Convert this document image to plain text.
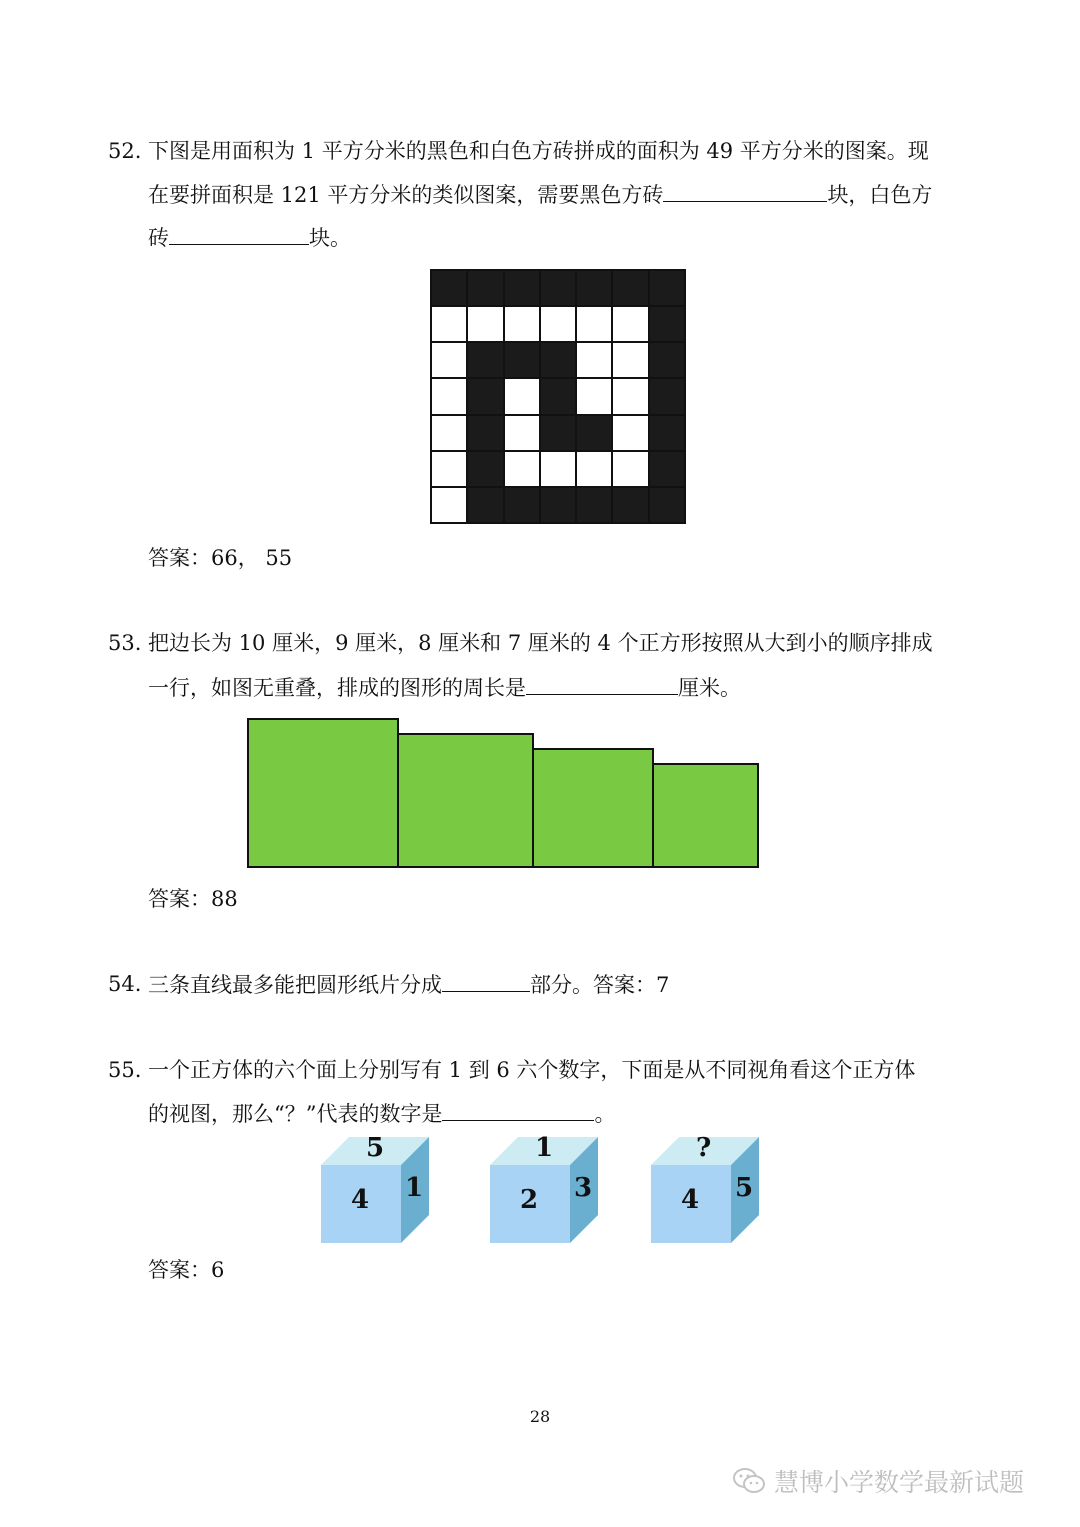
52. 下图是用面积为 1 平方分米的黑色和白色方砖拼成的面积为 49 平方分米的图案。现
在要拼面积是 121 平方分米的类似图案，需要黑色方砖	块，白色方
砖	块。
答案：66， 55
53. 把边长为 10 厘米，9 厘米，8 厘米和 7 厘米的 4 个正方形按照从大到小的顺序排成
一行，如图无重叠，排成的图形的周长是	厘米。
答案：88
54. 三条直线最多能把圆形纸片分成	部分。答案：7
55. 一个正方体的六个面上分别写有 1 到 6 六个数字，下面是从不同视角看这个正方体
的视图，那么“？”代表的数字是	。
5
4 1
1
2 3
?
4 5
答案：6
28
慧博小学数学最新试题
